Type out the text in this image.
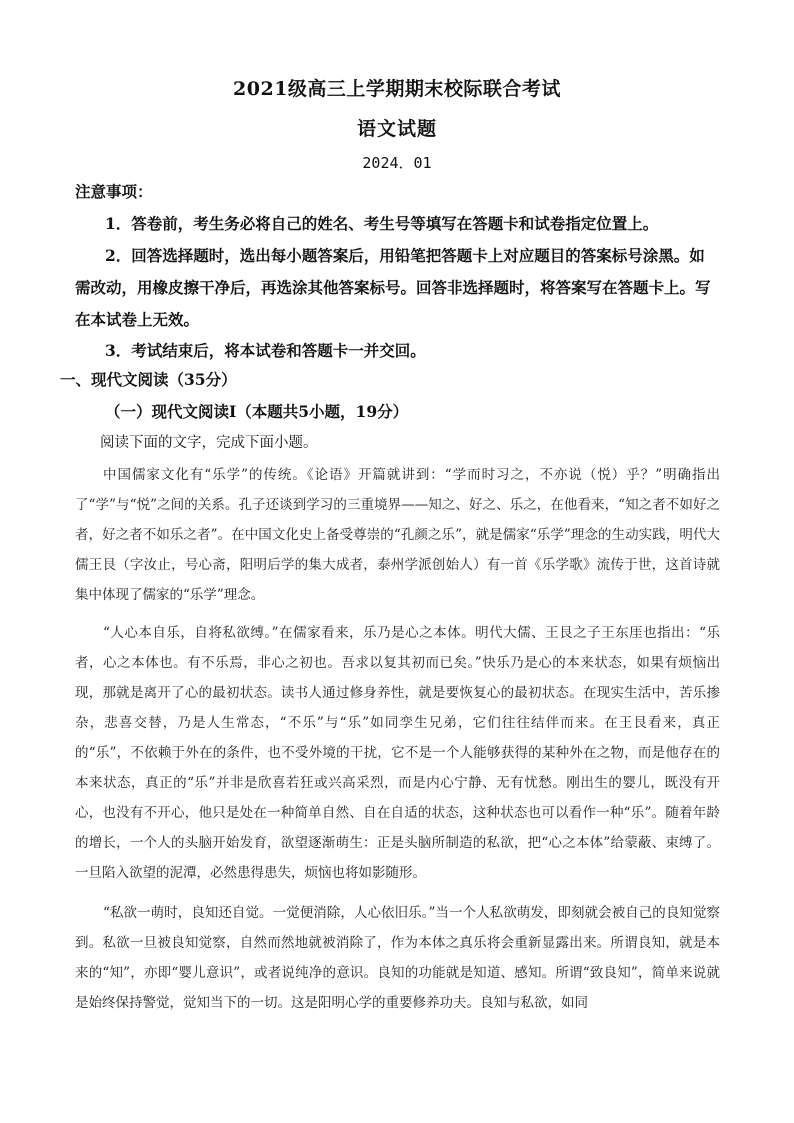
2021级高三上学期期末校际联合考试
语文试题
2024．01
注意事项：
1．答卷前，考生务必将自己的姓名、考生号等填写在答题卡和试卷指定位置上。
2．回答选择题时，选出每小题答案后，用铅笔把答题卡上对应题目的答案标号涂黑。如需改动，用橡皮擦干净后，再选涂其他答案标号。回答非选择题时，将答案写在答题卡上。写在本试卷上无效。
3．考试结束后，将本试卷和答题卡一并交回。
一、现代文阅读（35分）
（一）现代文阅读Ⅰ（本题共5小题，19分）
阅读下面的文字，完成下面小题。
中国儒家文化有“乐学”的传统。《论语》开篇就讲到：“学而时习之，不亦说（悦）乎？”明确指出了“学”与“悦”之间的关系。孔子还谈到学习的三重境界——知之、好之、乐之，在他看来，“知之者不如好之者，好之者不如乐之者”。在中国文化史上备受尊崇的“孔颜之乐”，就是儒家“乐学”理念的生动实践，明代大儒王艮（字汝止，号心斋，阳明后学的集大成者，泰州学派创始人）有一首《乐学歌》流传于世，这首诗就集中体现了儒家的“乐学”理念。
“人心本自乐，自将私欲缚。”在儒家看来，乐乃是心之本体。明代大儒、王艮之子王东厓也指出：“乐者，心之本体也。有不乐焉，非心之初也。吾求以复其初而已矣。”快乐乃是心的本来状态，如果有烦恼出现，那就是离开了心的最初状态。读书人通过修身养性，就是要恢复心的最初状态。在现实生活中，苦乐掺杂，悲喜交替，乃是人生常态，“不乐”与“乐”如同孪生兄弟，它们往往结伴而来。在王艮看来，真正的“乐”，不依赖于外在的条件，也不受外境的干扰，它不是一个人能够获得的某种外在之物，而是他存在的本来状态，真正的“乐”并非是欣喜若狂或兴高采烈，而是内心宁静、无有忧愁。刚出生的婴儿，既没有开心，也没有不开心，他只是处在一种简单自然、自在自适的状态，这种状态也可以看作一种“乐”。随着年龄的增长，一个人的头脑开始发育，欲望逐渐萌生：正是头脑所制造的私欲，把“心之本体”给蒙蔽、束缚了。一旦陷入欲望的泥潭，必然患得患失，烦恼也将如影随形。
“私欲一萌时，良知还自觉。一觉便消除，人心依旧乐。”当一个人私欲萌发，即刻就会被自己的良知觉察到。私欲一旦被良知觉察，自然而然地就被消除了，作为本体之真乐将会重新显露出来。所谓良知，就是本来的“知”，亦即“婴儿意识”，或者说纯净的意识。良知的功能就是知道、感知。所谓“致良知”，简单来说就是始终保持警觉，觉知当下的一切。这是阳明心学的重要修养功夫。良知与私欲，如同
